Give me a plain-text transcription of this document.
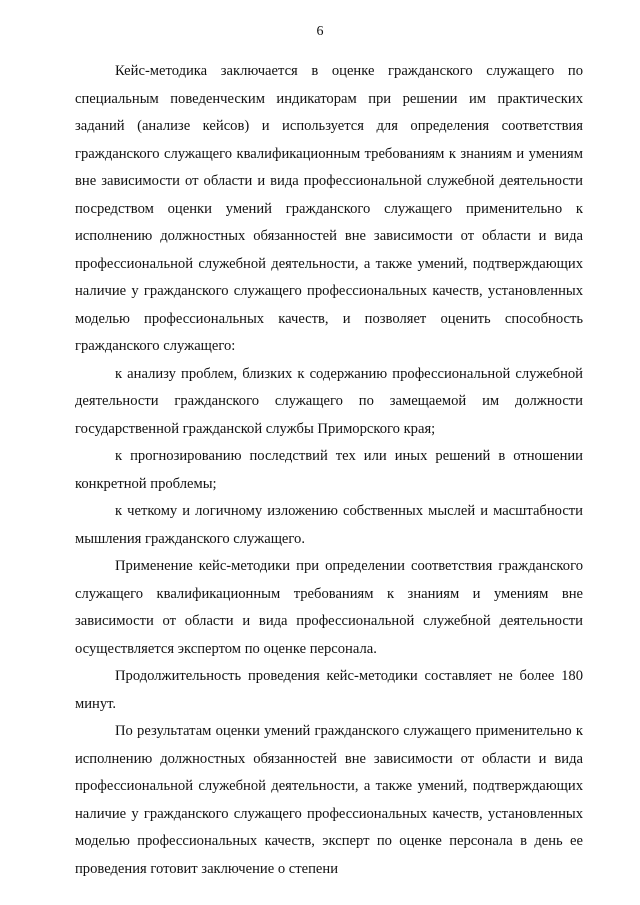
6

Кейс-методика заключается в оценке гражданского служащего по специальным поведенческим индикаторам при решении им практических заданий (анализе кейсов) и используется для определения соответствия гражданского служащего квалификационным требованиям к знаниям и умениям вне зависимости от области и вида профессиональной служебной деятельности посредством оценки умений гражданского служащего применительно к исполнению должностных обязанностей вне зависимости от области и вида профессиональной служебной деятельности, а также умений, подтверждающих наличие у гражданского служащего профессиональных качеств, установленных моделью профессиональных качеств, и позволяет оценить способность гражданского служащего:

к анализу проблем, близких к содержанию профессиональной служебной деятельности гражданского служащего по замещаемой им должности государственной гражданской службы Приморского края;

к прогнозированию последствий тех или иных решений в отношении конкретной проблемы;

к четкому и логичному изложению собственных мыслей и масштабности мышления гражданского служащего.

Применение кейс-методики при определении соответствия гражданского служащего квалификационным требованиям к знаниям и умениям вне зависимости от области и вида профессиональной служебной деятельности осуществляется экспертом по оценке персонала.

Продолжительность проведения кейс-методики составляет не более 180 минут.

По результатам оценки умений гражданского служащего применительно к исполнению должностных обязанностей вне зависимости от области и вида профессиональной служебной деятельности, а также умений, подтверждающих наличие у гражданского служащего профессиональных качеств, установленных моделью профессиональных качеств, эксперт по оценке персонала в день ее проведения готовит заключение о степени
